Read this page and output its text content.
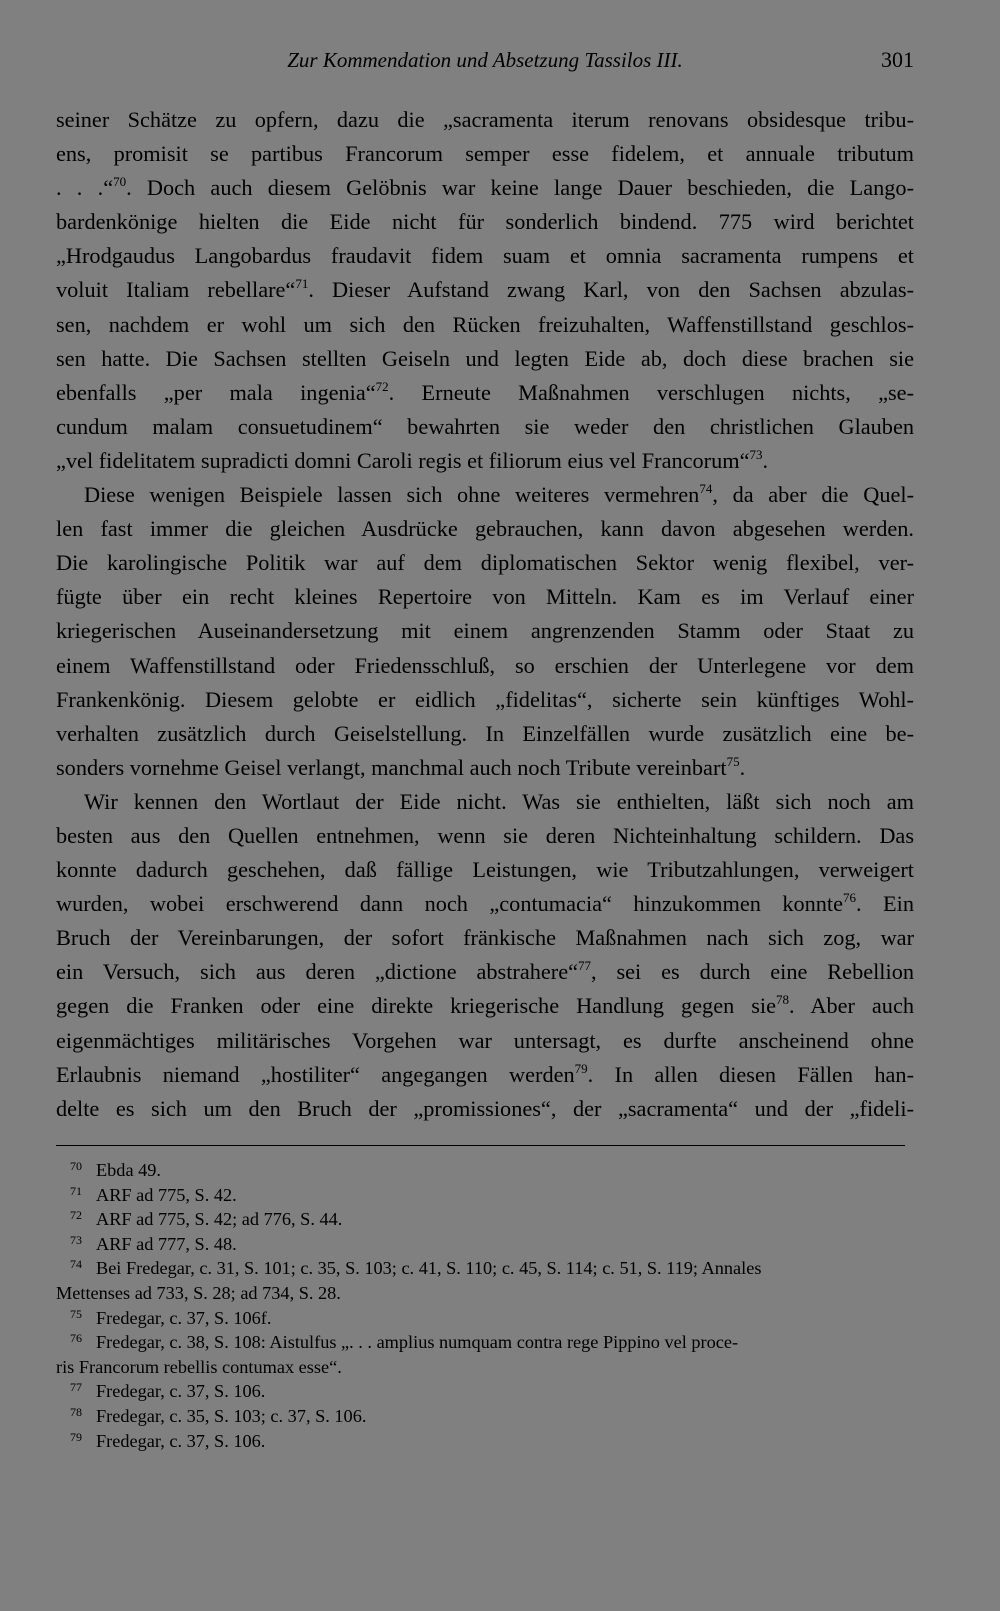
Zur Kommendation und Absetzung Tassilos III.	301
seiner Schätze zu opfern, dazu die „sacramenta iterum renovans obsidesque tribu-
ens, promisit se partibus Francorum semper esse fidelem, et annuale tributum
. . .“$^{70}$. Doch auch diesem Gelöbnis war keine lange Dauer beschieden, die Lango-
bardenkönige hielten die Eide nicht für sonderlich bindend. 775 wird berichtet
„Hrodgaudus Langobardus fraudavit fidem suam et omnia sacramenta rumpens et
voluit Italiam rebellare“$^{71}$. Dieser Aufstand zwang Karl, von den Sachsen abzulas-
sen, nachdem er wohl um sich den Rücken freizuhalten, Waffenstillstand geschlos-
sen hatte. Die Sachsen stellten Geiseln und legten Eide ab, doch diese brachen sie
ebenfalls „per mala ingenia“$^{72}$. Erneute Maßnahmen verschlugen nichts, „se-
cundum malam consuetudinem“ bewahrten sie weder den christlichen Glauben
„vel fidelitatem supradicti domni Caroli regis et filiorum eius vel Francorum“$^{73}$.
Diese wenigen Beispiele lassen sich ohne weiteres vermehren$^{74}$, da aber die Quel-
len fast immer die gleichen Ausdrücke gebrauchen, kann davon abgesehen werden.
Die karolingische Politik war auf dem diplomatischen Sektor wenig flexibel, ver-
fügte über ein recht kleines Repertoire von Mitteln. Kam es im Verlauf einer
kriegerischen Auseinandersetzung mit einem angrenzenden Stamm oder Staat zu
einem Waffenstillstand oder Friedensschluß, so erschien der Unterlegene vor dem
Frankenkönig. Diesem gelobte er eidlich „fidelitas“, sicherte sein künftiges Wohl-
verhalten zusätzlich durch Geiselstellung. In Einzelfällen wurde zusätzlich eine be-
sonders vornehme Geisel verlangt, manchmal auch noch Tribute vereinbart$^{75}$.
Wir kennen den Wortlaut der Eide nicht. Was sie enthielten, läßt sich noch am
besten aus den Quellen entnehmen, wenn sie deren Nichteinhaltung schildern. Das
konnte dadurch geschehen, daß fällige Leistungen, wie Tributzahlungen, verweigert
wurden, wobei erschwerend dann noch „contumacia“ hinzukommen konnte$^{76}$. Ein
Bruch der Vereinbarungen, der sofort fränkische Maßnahmen nach sich zog, war
ein Versuch, sich aus deren „dictione abstrahere“$^{77}$, sei es durch eine Rebellion
gegen die Franken oder eine direkte kriegerische Handlung gegen sie$^{78}$. Aber auch
eigenmächtiges militärisches Vorgehen war untersagt, es durfte anscheinend ohne
Erlaubnis niemand „hostiliter“ angegangen werden$^{79}$. In allen diesen Fällen han-
delte es sich um den Bruch der „promissiones“, der „sacramenta“ und der „fideli-
$^{70}$ Ebda 49.
$^{71}$ ARF ad 775, S. 42.
$^{72}$ ARF ad 775, S. 42; ad 776, S. 44.
$^{73}$ ARF ad 777, S. 48.
$^{74}$ Bei Fredegar, c. 31, S. 101; c. 35, S. 103; c. 41, S. 110; c. 45, S. 114; c. 51, S. 119; Annales
Mettenses ad 733, S. 28; ad 734, S. 28.
$^{75}$ Fredegar, c. 37, S. 106f.
$^{76}$ Fredegar, c. 38, S. 108: Aistulfus „. . . amplius numquam contra rege Pippino vel proce-
ris Francorum rebellis contumax esse“.
$^{77}$ Fredegar, c. 37, S. 106.
$^{78}$ Fredegar, c. 35, S. 103; c. 37, S. 106.
$^{79}$ Fredegar, c. 37, S. 106.
